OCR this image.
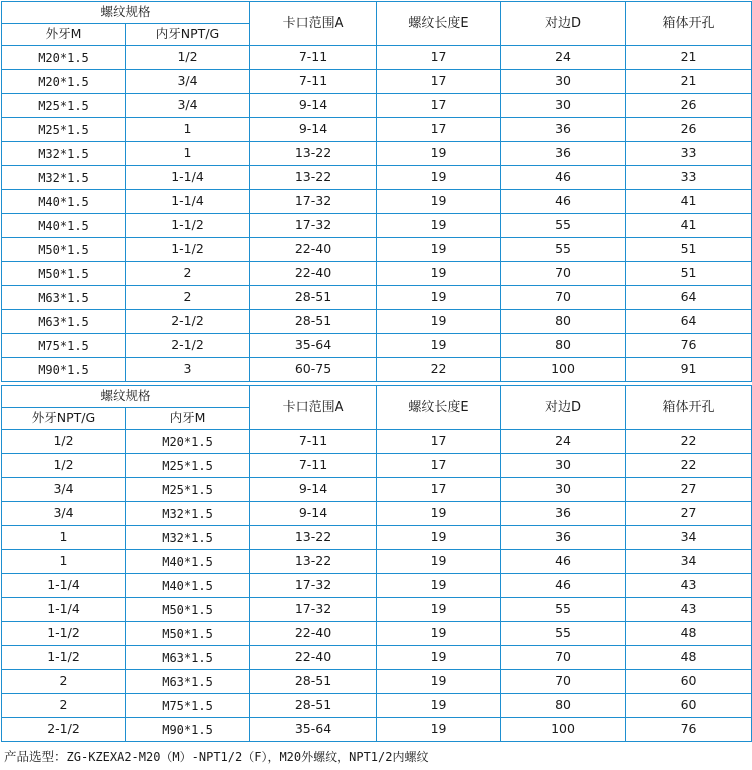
螺纹规格		卡口范围A	螺纹长度E	对边D	箱体开孔
外牙M	内牙NPT/G				
M20*1.5	1/2	7-11	17	24	21
M20*1.5	3/4	7-11	17	30	21
M25*1.5	3/4	9-14	17	30	26
M25*1.5	1	9-14	17	36	26
M32*1.5	1	13-22	19	36	33
M32*1.5	1-1/4	13-22	19	46	33
M40*1.5	1-1/4	17-32	19	46	41
M40*1.5	1-1/2	17-32	19	55	41
M50*1.5	1-1/2	22-40	19	55	51
M50*1.5	2	22-40	19	70	51
M63*1.5	2	28-51	19	70	64
M63*1.5	2-1/2	28-51	19	80	64
M75*1.5	2-1/2	35-64	19	80	76
M90*1.5	3	60-75	22	100	91
螺纹规格		卡口范围A	螺纹长度E	对边D	箱体开孔
外牙NPT/G	内牙M				
1/2	M20*1.5	7-11	17	24	22
1/2	M25*1.5	7-11	17	30	22
3/4	M25*1.5	9-14	17	30	27
3/4	M32*1.5	9-14	19	36	27
1	M32*1.5	13-22	19	36	34
1	M40*1.5	13-22	19	46	34
1-1/4	M40*1.5	17-32	19	46	43
1-1/4	M50*1.5	17-32	19	55	43
1-1/2	M50*1.5	22-40	19	55	48
1-1/2	M63*1.5	22-40	19	70	48
2	M63*1.5	28-51	19	70	60
2	M75*1.5	28-51	19	80	60
2-1/2	M90*1.5	35-64	19	100	76
产品选型：ZG-KZEXA2-M20（M）-NPT1/2（F），M20外螺纹，NPT1/2内螺纹
